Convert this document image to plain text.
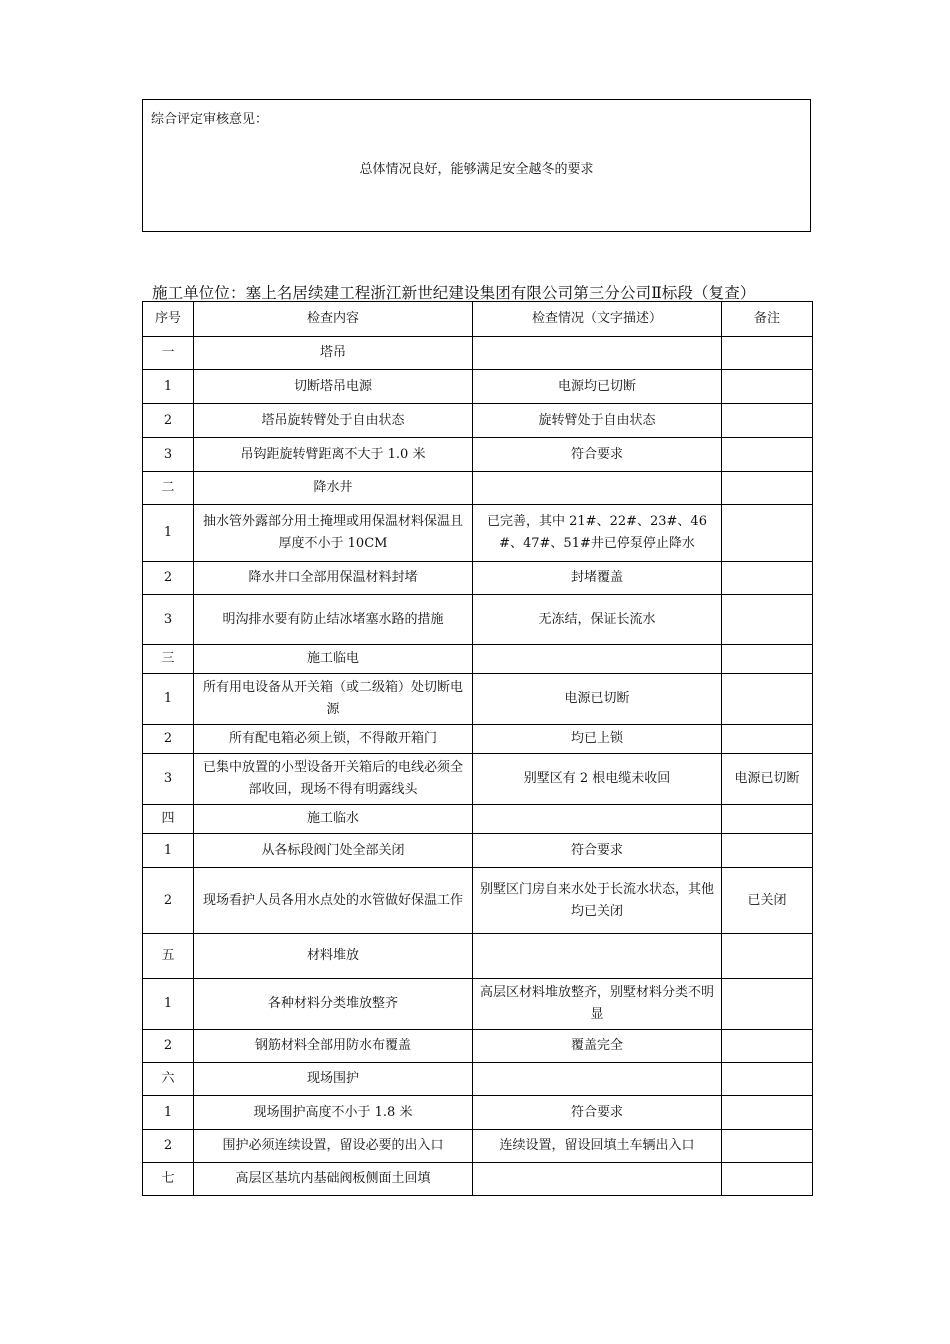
综合评定审核意见：
总体情况良好，能够满足安全越冬的要求
施工单位位：塞上名居续建工程浙江新世纪建设集团有限公司第三分公司Ⅱ标段（复查）
序号	检查内容	检查情况（文字描述）	备注
一	塔吊		
1	切断塔吊电源	电源均已切断	
2	塔吊旋转臂处于自由状态	旋转臂处于自由状态	
3	吊钩距旋转臂距离不大于 1.0 米	符合要求	
二	降水井		
1	抽水管外露部分用土掩埋或用保温材料保温且厚度不小于 10CM	已完善，其中 21#、22#、23#、46#、47#、51#井已停泵停止降水	
2	降水井口全部用保温材料封堵	封堵覆盖	
3	明沟排水要有防止结冰堵塞水路的措施	无冻结，保证长流水	
三	施工临电		
1	所有用电设备从开关箱（或二级箱）处切断电源	电源已切断	
2	所有配电箱必须上锁，不得敞开箱门	均已上锁	
3	已集中放置的小型设备开关箱后的电线必须全部收回，现场不得有明露线头	别墅区有 2 根电缆未收回	电源已切断
四	施工临水		
1	从各标段阀门处全部关闭	符合要求	
2	现场看护人员各用水点处的水管做好保温工作	别墅区门房自来水处于长流水状态，其他均已关闭	已关闭
五	材料堆放		
1	各种材料分类堆放整齐	高层区材料堆放整齐，别墅材料分类不明显	
2	钢筋材料全部用防水布覆盖	覆盖完全	
六	现场围护		
1	现场围护高度不小于 1.8 米	符合要求	
2	围护必须连续设置，留设必要的出入口	连续设置，留设回填土车辆出入口	
七	高层区基坑内基础阀板侧面土回填		
